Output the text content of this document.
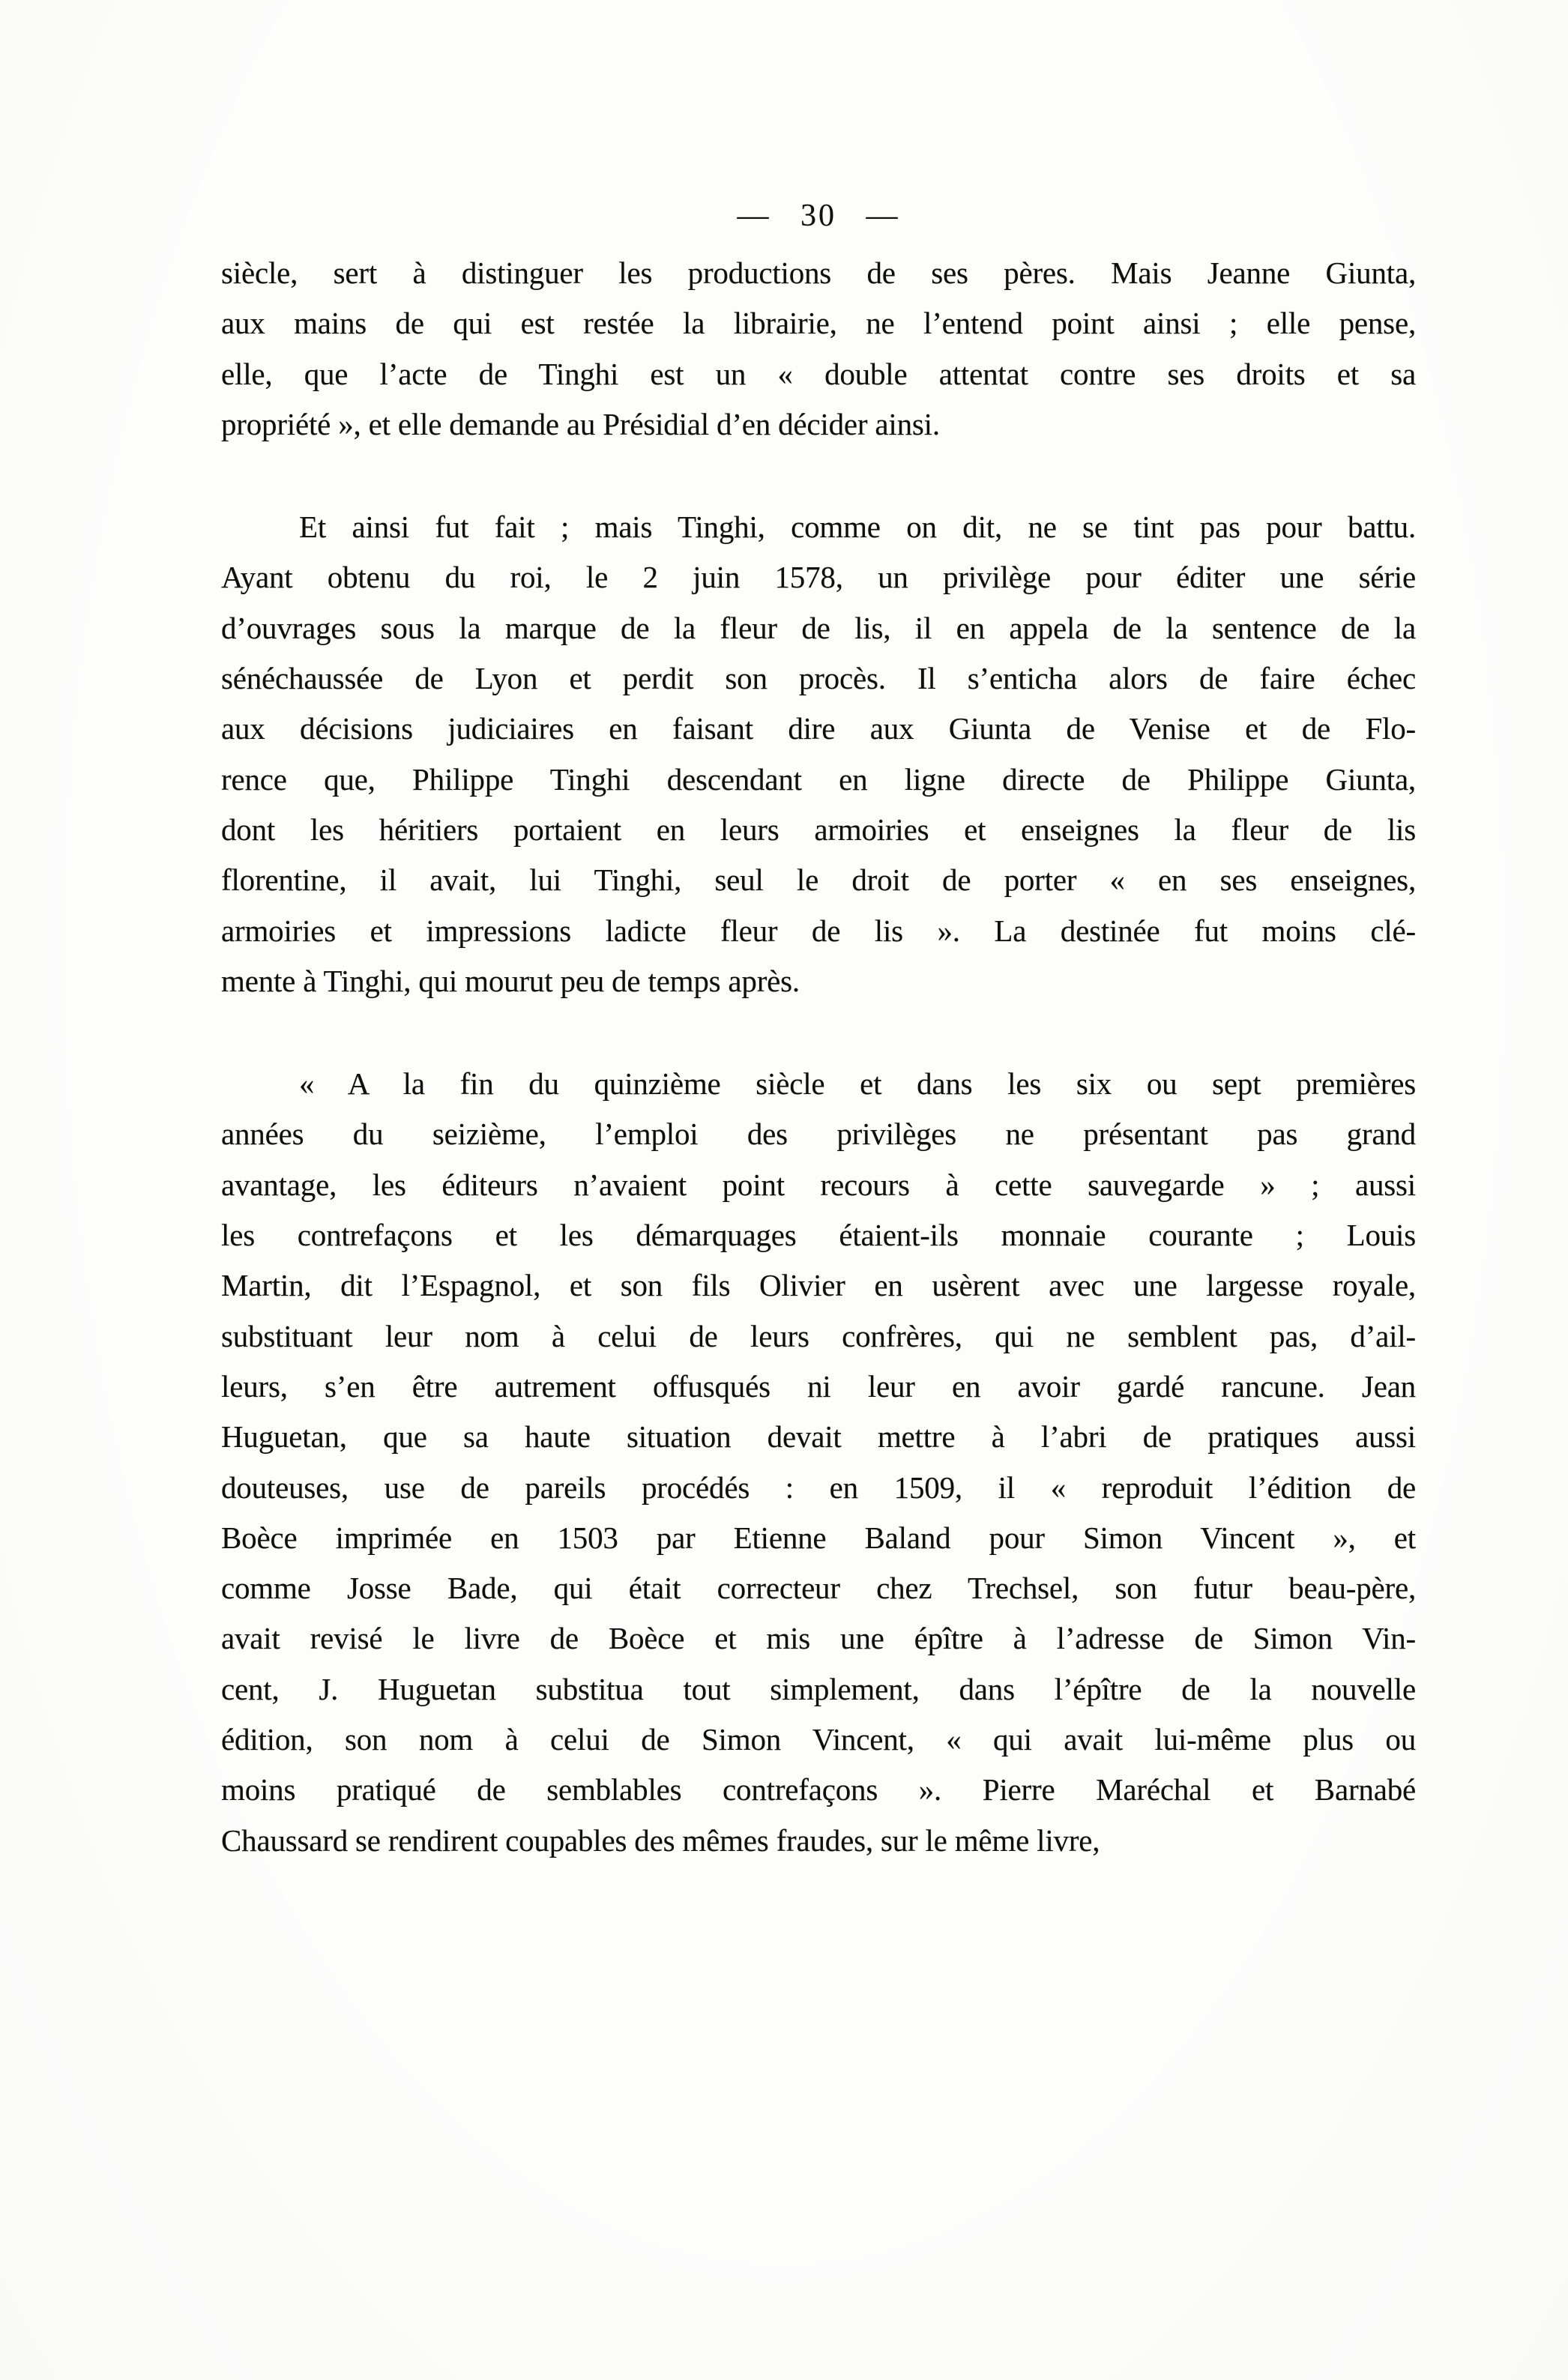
— 30 —

siècle, sert à distinguer les productions de ses pères. Mais Jeanne Giunta,
aux mains de qui est restée la librairie, ne l’entend point ainsi ; elle pense,
elle, que l’acte de Tinghi est un « double attentat contre ses droits et sa
propriété », et elle demande au Présidial d’en décider ainsi.

Et ainsi fut fait ; mais Tinghi, comme on dit, ne se tint pas pour battu.
Ayant obtenu du roi, le 2 juin 1578, un privilège pour éditer une série
d’ouvrages sous la marque de la fleur de lis, il en appela de la sentence de la
sénéchaussée de Lyon et perdit son procès. Il s’enticha alors de faire échec
aux décisions judiciaires en faisant dire aux Giunta de Venise et de Flo-
rence que, Philippe Tinghi descendant en ligne directe de Philippe Giunta,
dont les héritiers portaient en leurs armoiries et enseignes la fleur de lis
florentine, il avait, lui Tinghi, seul le droit de porter « en ses enseignes,
armoiries et impressions ladicte fleur de lis ». La destinée fut moins clé-
mente à Tinghi, qui mourut peu de temps après.

« A la fin du quinzième siècle et dans les six ou sept premières
années du seizième, l’emploi des privilèges ne présentant pas grand
avantage, les éditeurs n’avaient point recours à cette sauvegarde » ; aussi
les contrefaçons et les démarquages étaient-ils monnaie courante ; Louis
Martin, dit l’Espagnol, et son fils Olivier en usèrent avec une largesse royale,
substituant leur nom à celui de leurs confrères, qui ne semblent pas, d’ail-
leurs, s’en être autrement offusqués ni leur en avoir gardé rancune. Jean
Huguetan, que sa haute situation devait mettre à l’abri de pratiques aussi
douteuses, use de pareils procédés : en 1509, il « reproduit l’édition de
Boèce imprimée en 1503 par Etienne Baland pour Simon Vincent », et
comme Josse Bade, qui était correcteur chez Trechsel, son futur beau-père,
avait revisé le livre de Boèce et mis une épître à l’adresse de Simon Vin-
cent, J. Huguetan substitua tout simplement, dans l’épître de la nouvelle
édition, son nom à celui de Simon Vincent, « qui avait lui-même plus ou
moins pratiqué de semblables contrefaçons ». Pierre Maréchal et Barnabé
Chaussard se rendirent coupables des mêmes fraudes, sur le même livre,
